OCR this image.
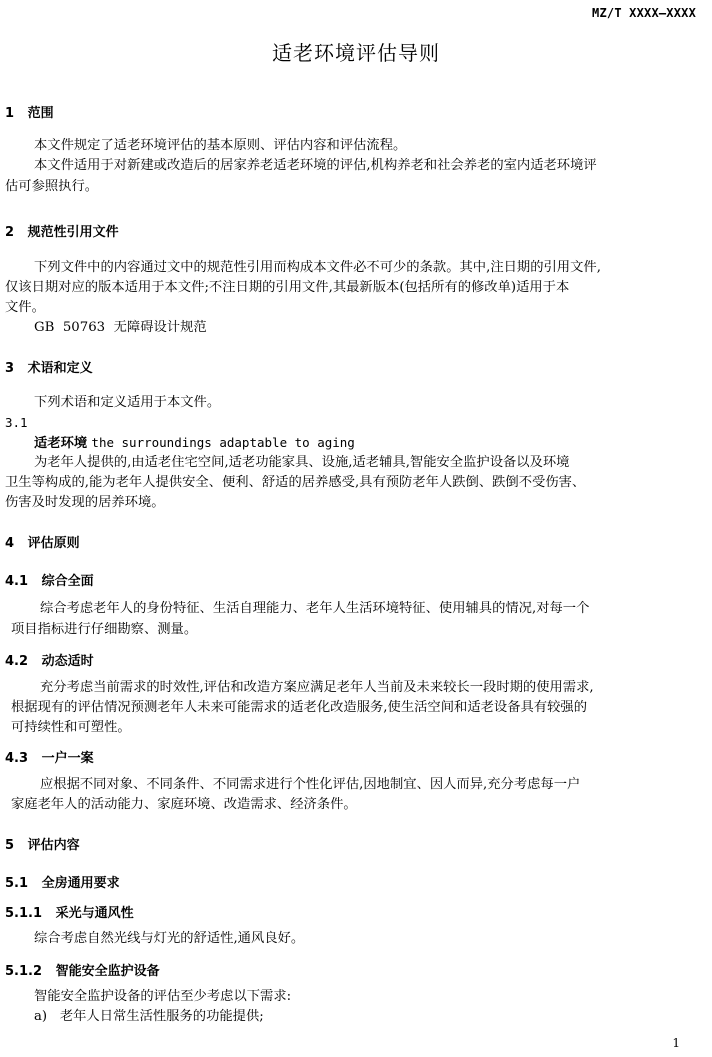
MZ/T XXXX—XXXX
适老环境评估导则
1 范围
本文件规定了适老环境评估的基本原则、评估内容和评估流程。
本文件适用于对新建或改造后的居家养老适老环境的评估,机构养老和社会养老的室内适老环境评
估可参照执行。
2 规范性引用文件
下列文件中的内容通过文中的规范性引用而构成本文件必不可少的条款。其中,注日期的引用文件,
仅该日期对应的版本适用于本文件;不注日期的引用文件,其最新版本(包括所有的修改单)适用于本
文件。
GB  50763  无障碍设计规范
3 术语和定义
下列术语和定义适用于本文件。
3.1
适老环境 the surroundings adaptable to aging
为老年人提供的,由适老住宅空间,适老功能家具、设施,适老辅具,智能安全监护设备以及环境
卫生等构成的,能为老年人提供安全、便利、舒适的居养感受,具有预防老年人跌倒、跌倒不受伤害、
伤害及时发现的居养环境。
4 评估原则
4.1 综合全面
综合考虑老年人的身份特征、生活自理能力、老年人生活环境特征、使用辅具的情况,对每一个
项目指标进行仔细勘察、测量。
4.2 动态适时
充分考虑当前需求的时效性,评估和改造方案应满足老年人当前及未来较长一段时期的使用需求,
根据现有的评估情况预测老年人未来可能需求的适老化改造服务,使生活空间和适老设备具有较强的
可持续性和可塑性。
4.3 一户一案
应根据不同对象、不同条件、不同需求进行个性化评估,因地制宜、因人而异,充分考虑每一户
家庭老年人的活动能力、家庭环境、改造需求、经济条件。
5 评估内容
5.1 全房通用要求
5.1.1 采光与通风性
综合考虑自然光线与灯光的舒适性,通风良好。
5.1.2 智能安全监护设备
智能安全监护设备的评估至少考虑以下需求:
a) 老年人日常生活性服务的功能提供;
1
